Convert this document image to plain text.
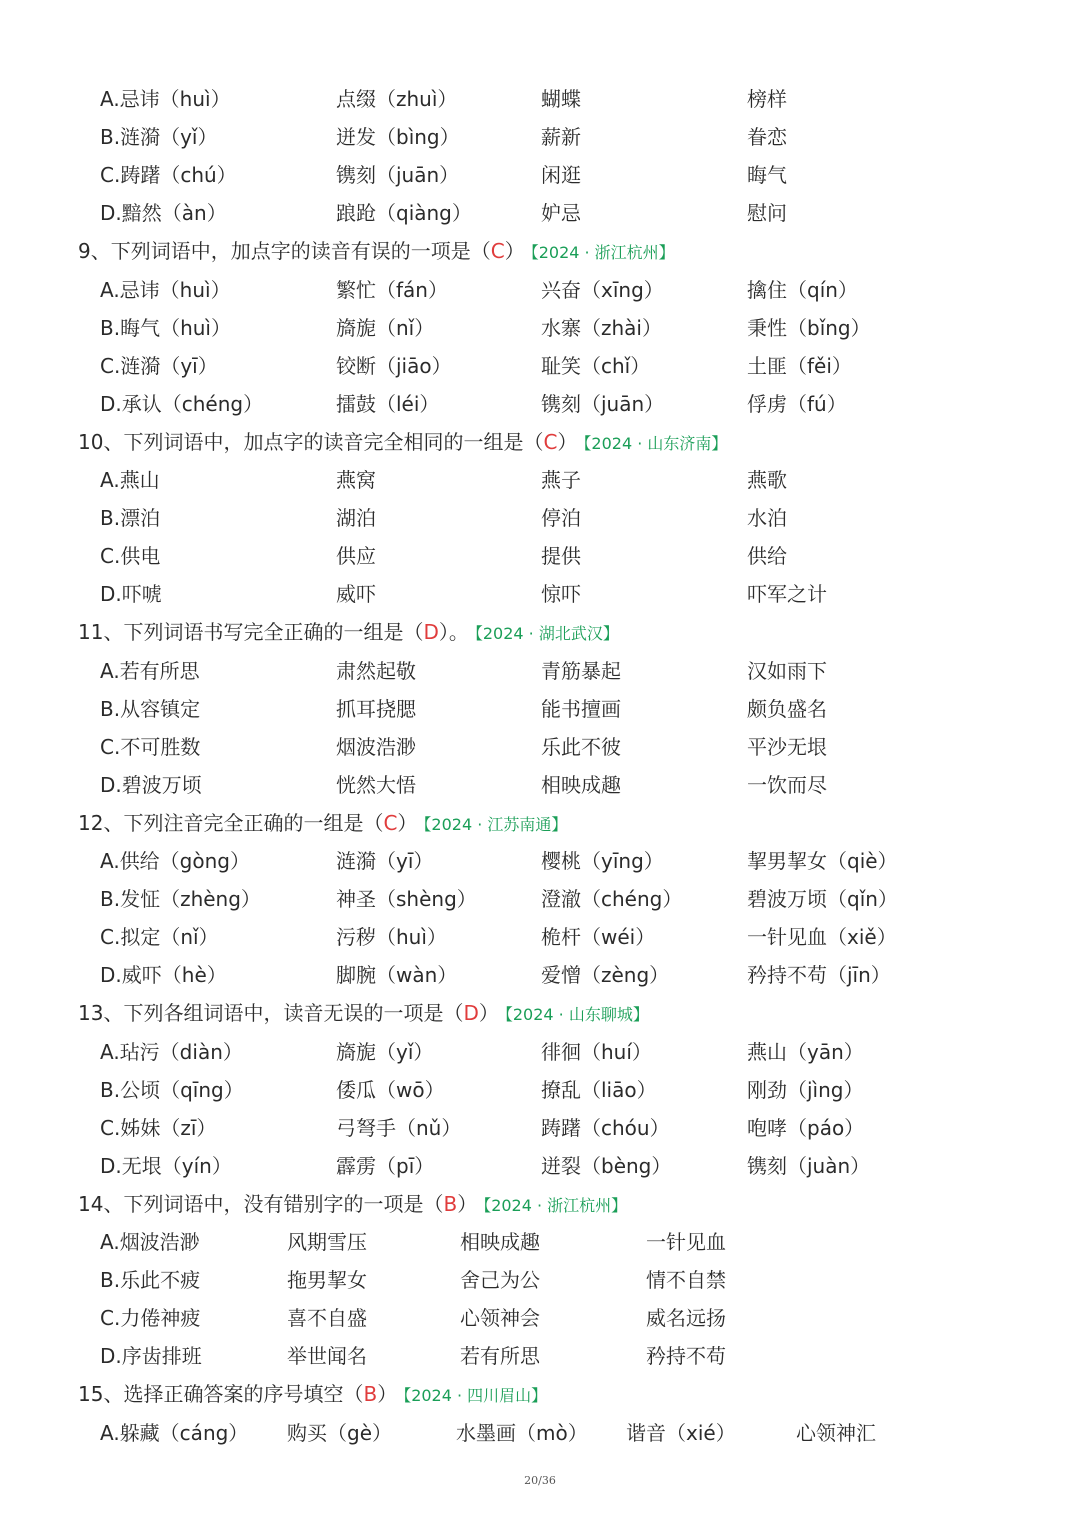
A.忌讳（huì）	点缀（zhuì）	蝴蝶	榜样
B.涟漪（yǐ）	迸发（bìng）	薪新	眷恋
C.踌躇（chú）	镌刻（juān）	闲逛	晦气
D.黯然（àn）	踉跄（qiàng）	妒忌	慰问
9、下列词语中，加点字的读音有误的一项是（C） 【2024 · 浙江杭州】
A.忌讳（huì）	繁忙（fán）	兴奋（xīng）	擒住（qín）
B.晦气（huì）	旖旎（nǐ）	水寨（zhài）	秉性（bǐng）
C.涟漪（yī）	铰断（jiāo）	耻笑（chǐ）	土匪（fěi）
D.承认（chéng）	擂鼓（léi）	镌刻（juān）	俘虏（fú）
10、下列词语中，加点字的读音完全相同的一组是（C） 【2024 · 山东济南】
A.燕山	燕窝	燕子	燕歌
B.漂泊	湖泊	停泊	水泊
C.供电	供应	提供	供给
D.吓唬	威吓	惊吓	吓军之计
11、下列词语书写完全正确的一组是（D）。 【2024 · 湖北武汉】
A.若有所思	肃然起敬	青筋暴起	汉如雨下
B.从容镇定	抓耳挠腮	能书擅画	颇负盛名
C.不可胜数	烟波浩渺	乐此不彼	平沙无垠
D.碧波万顷	恍然大悟	相映成趣	一饮而尽
12、下列注音完全正确的一组是（C） 【2024 · 江苏南通】
A.供给（gòng）	涟漪（yī）	樱桃（yīng）	挈男挈女（qiè）
B.发怔（zhèng）	神圣（shèng）	澄澈（chéng）	碧波万顷（qǐn）
C.拟定（nǐ）	污秽（huì）	桅杆（wéi）	一针见血（xiě）
D.威吓（hè）	脚腕（wàn）	爱憎（zèng）	矜持不苟（jīn）
13、下列各组词语中，读音无误的一项是（D） 【2024 · 山东聊城】
A.玷污（diàn）	旖旎（yǐ）	徘徊（huí）	燕山（yān）
B.公顷（qīng）	倭瓜（wō）	撩乱（liāo）	刚劲（jìng）
C.姊妹（zī）	弓弩手（nǔ）	踌躇（chóu）	咆哮（páo）
D.无垠（yín）	霹雳（pī）	迸裂（bèng）	镌刻（juàn）
14、下列词语中，没有错别字的一项是（B） 【2024 · 浙江杭州】
A.烟波浩渺	风期雪压	相映成趣	一针见血
B.乐此不疲	拖男挈女	舍己为公	情不自禁
C.力倦神疲	喜不自盛	心领神会	威名远扬
D.序齿排班	举世闻名	若有所思	矜持不苟
15、选择正确答案的序号填空（B） 【2024 · 四川眉山】
A.躲藏（cáng） 购买（gè）	水墨画（mò） 谐音（xié）	心领神汇
20/36
